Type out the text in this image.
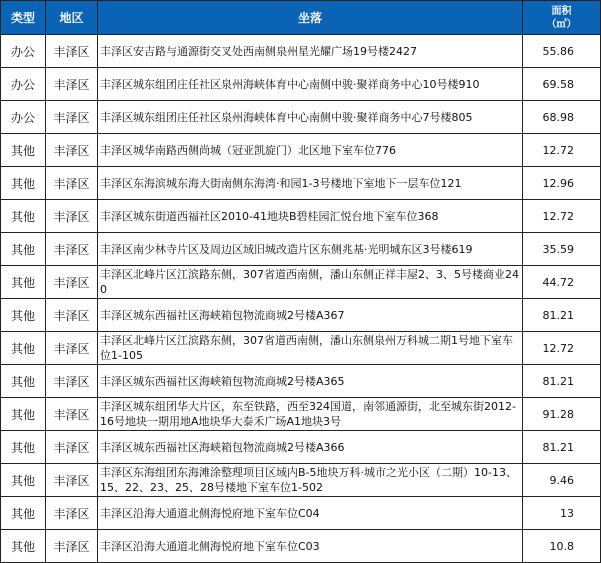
类型	地区	坐落	面积
（㎡）

办公	丰泽区	丰泽区安吉路与通源街交叉处西南侧泉州星光耀广场19号楼2427	55.86
办公	丰泽区	丰泽区城东组团庄任社区泉州海峡体育中心南侧中骏·聚祥商务中心10号楼910	69.58
办公	丰泽区	丰泽区城东组团庄任社区泉州海峡体育中心南侧中骏·聚祥商务中心7号楼805	68.98
其他	丰泽区	丰泽区城华南路西侧尚城（冠亚凯旋门）北区地下室车位776	12.72
其他	丰泽区	丰泽区东海滨城东海大街南侧东海湾·和园1-3号楼地下室地下一层车位121	12.96
其他	丰泽区	丰泽区城东街道西福社区2010-41地块B碧桂园汇悦台地下室车位368	12.72
其他	丰泽区	丰泽区南少林寺片区及周边区域旧城改造片区东侧兆基·光明城东区3号楼619	35.59
其他	丰泽区	丰泽区北峰片区江滨路东侧，307省道西南侧，潘山东侧正祥丰屋2、3、5号楼商业240	44.72
其他	丰泽区	丰泽区城东西福社区海峡箱包物流商城2号楼A367	81.21
其他	丰泽区	丰泽区北峰片区江滨路东侧，307省道西南侧，潘山东侧泉州万科城二期1号地下室车位1-105	12.72
其他	丰泽区	丰泽区城东西福社区海峡箱包物流商城2号楼A365	81.21
其他	丰泽区	丰泽区城东组团华大片区，东至铁路，西至324国道，南邻通源街，北至城东街2012-16号地块一期用地A地块华大泰禾广场A1地块3号	91.28
其他	丰泽区	丰泽区城东西福社区海峡箱包物流商城2号楼A366	81.21
其他	丰泽区	丰泽区东海组团东海滩涂整理项目区域内B-5地块万科·城市之光小区（二期）10-13、15、22、23、25、28号楼地下室车位1-502	9.46
其他	丰泽区	丰泽区沿海大通道北侧海悦府地下室车位C04	13
其他	丰泽区	丰泽区沿海大通道北侧海悦府地下室车位C03	10.8
